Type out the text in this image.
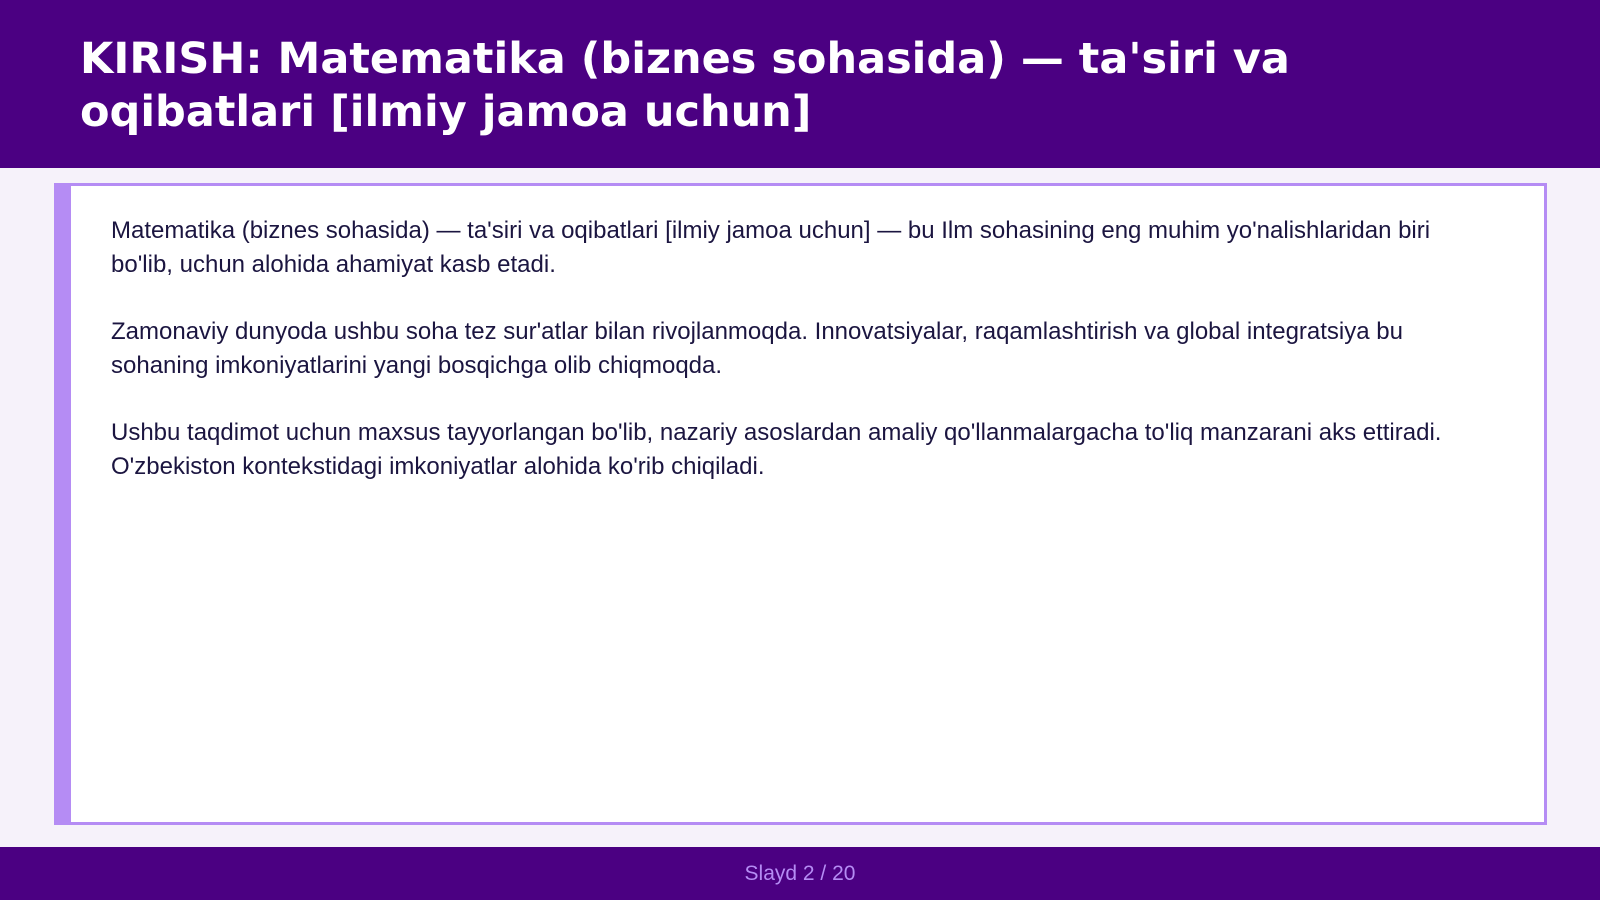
KIRISH: Matematika (biznes sohasida) — ta'siri va oqibatlari [ilmiy jamoa uchun]

Matematika (biznes sohasida) — ta'siri va oqibatlari [ilmiy jamoa uchun] — bu Ilm sohasining eng muhim yo'nalishlaridan biri bo'lib, uchun alohida ahamiyat kasb etadi.

Zamonaviy dunyoda ushbu soha tez sur'atlar bilan rivojlanmoqda. Innovatsiyalar, raqamlashtirish va global integratsiya bu sohaning imkoniyatlarini yangi bosqichga olib chiqmoqda.

Ushbu taqdimot uchun maxsus tayyorlangan bo'lib, nazariy asoslardan amaliy qo'llanmalargacha to'liq manzarani aks ettiradi. O'zbekiston kontekstidagi imkoniyatlar alohida ko'rib chiqiladi.

Slayd 2 / 20
